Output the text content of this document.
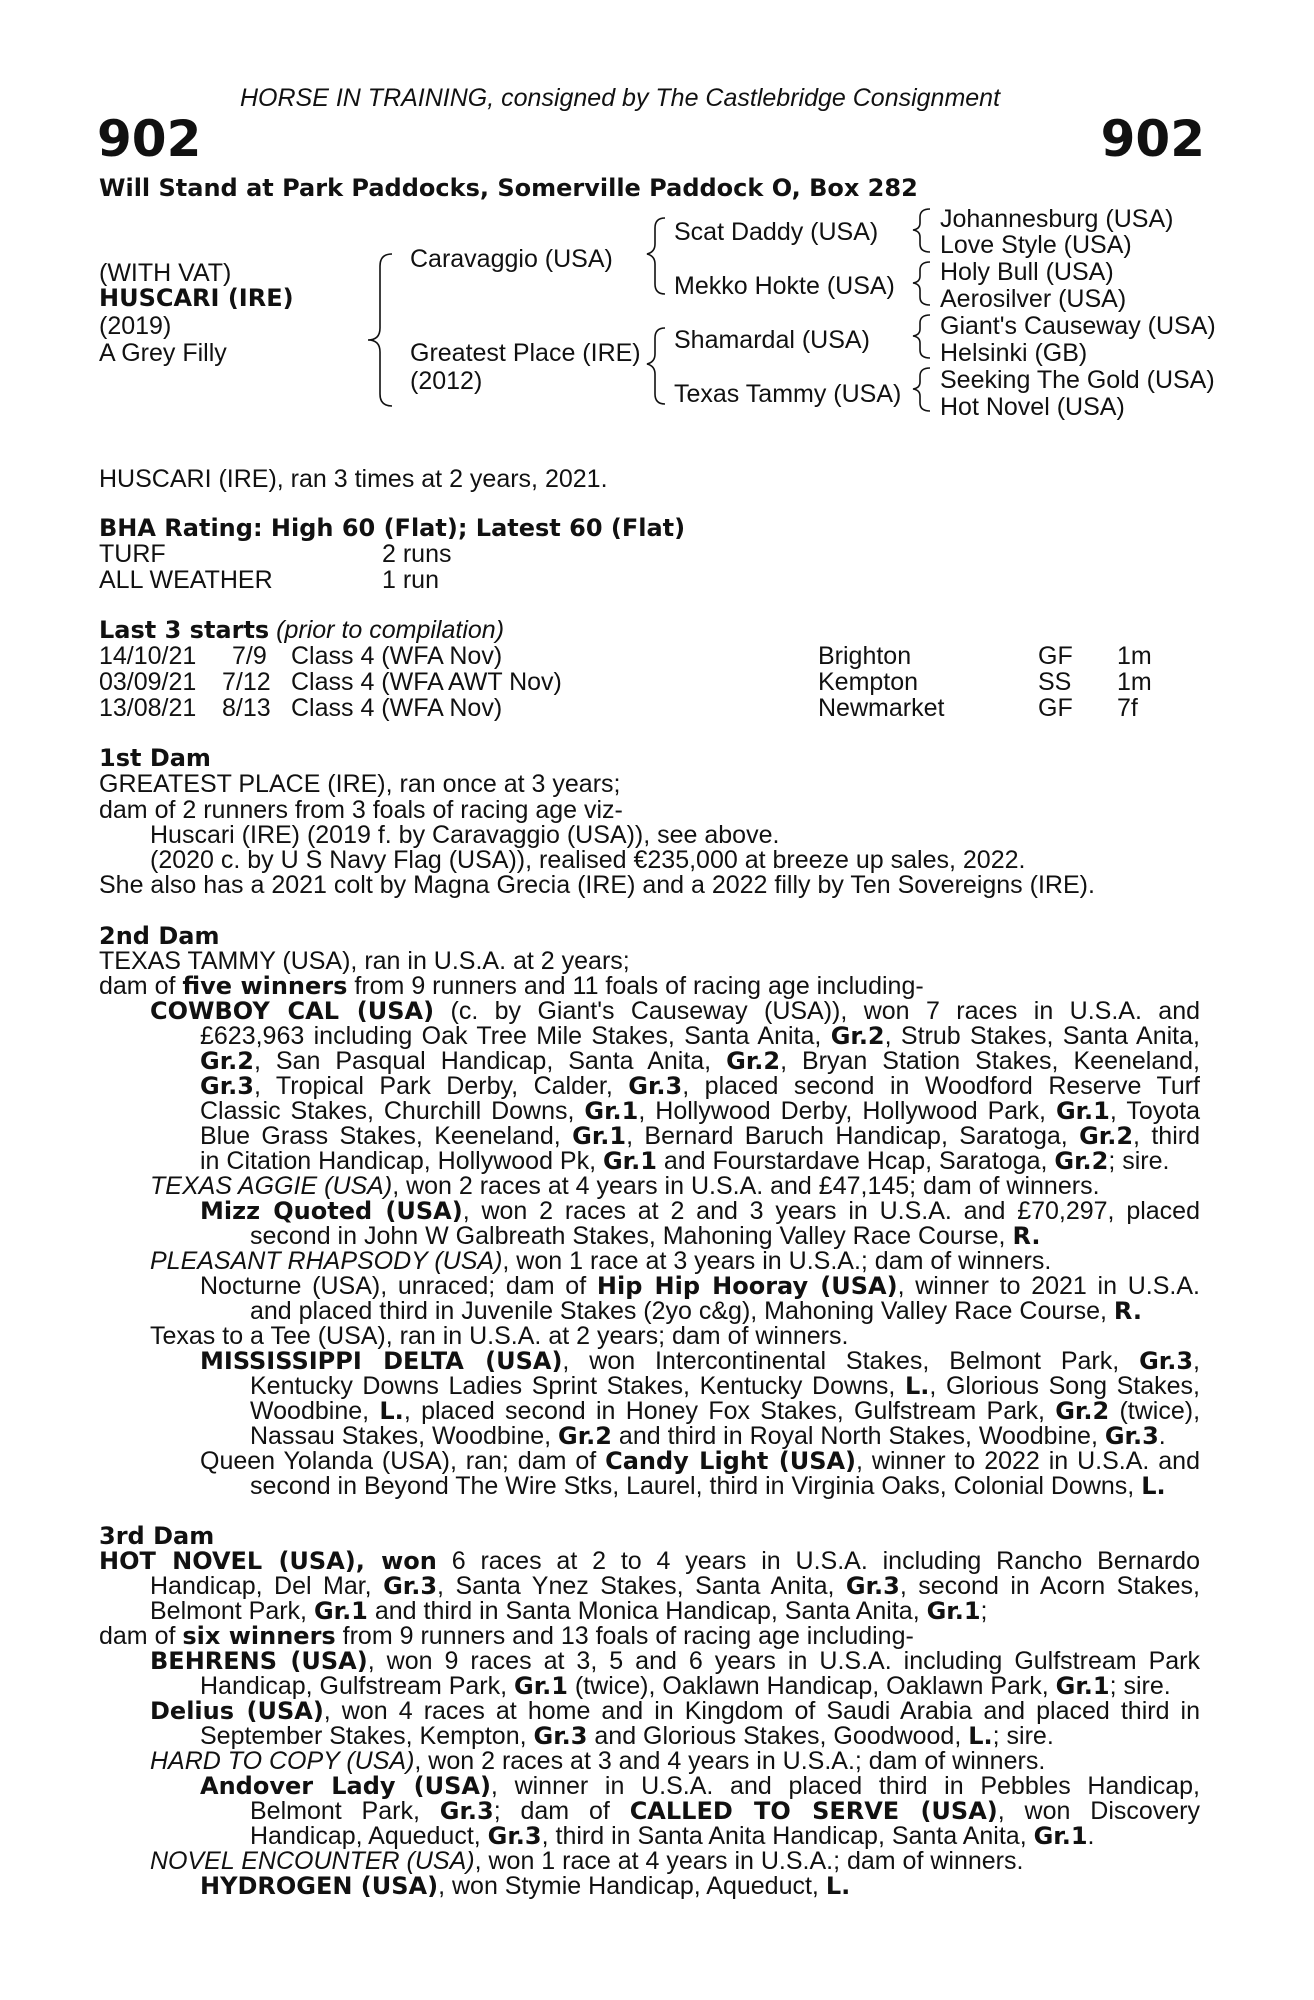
HORSE IN TRAINING, consigned by The Castlebridge Consignment
902	902
Will Stand at Park Paddocks, Somerville Paddock O, Box 282
(WITH VAT)
HUSCARI (IRE)
(2019)
A Grey Filly
Caravaggio (USA)
Greatest Place (IRE)
(2012)
Scat Daddy (USA)
Mekko Hokte (USA)
Shamardal (USA)
Texas Tammy (USA)
Johannesburg (USA)
Love Style (USA)
Holy Bull (USA)
Aerosilver (USA)
Giant's Causeway (USA)
Helsinki (GB)
Seeking The Gold (USA)
Hot Novel (USA)
HUSCARI (IRE), ran 3 times at 2 years, 2021.
BHA Rating: High 60 (Flat); Latest 60 (Flat)
TURF	2 runs
ALL WEATHER	1 run
Last 3 starts (prior to compilation)
14/10/21 7/9 Class 4 (WFA Nov)	Brighton	GF 1m
03/09/21 7/12 Class 4 (WFA AWT Nov)	Kempton	SS 1m
13/08/21 8/13 Class 4 (WFA Nov)	Newmarket	GF 7f
1st Dam
GREATEST PLACE (IRE), ran once at 3 years;
dam of 2 runners from 3 foals of racing age viz-
Huscari (IRE) (2019 f. by Caravaggio (USA)), see above.
(2020 c. by U S Navy Flag (USA)), realised €235,000 at breeze up sales, 2022.
She also has a 2021 colt by Magna Grecia (IRE) and a 2022 filly by Ten Sovereigns (IRE).
2nd Dam
TEXAS TAMMY (USA), ran in U.S.A. at 2 years;
dam of five winners from 9 runners and 11 foals of racing age including-
COWBOY CAL (USA) (c. by Giant's Causeway (USA)), won 7 races in U.S.A. and
£623,963 including Oak Tree Mile Stakes, Santa Anita, Gr.2, Strub Stakes, Santa Anita,
Gr.2, San Pasqual Handicap, Santa Anita, Gr.2, Bryan Station Stakes, Keeneland,
Gr.3, Tropical Park Derby, Calder, Gr.3, placed second in Woodford Reserve Turf
Classic Stakes, Churchill Downs, Gr.1, Hollywood Derby, Hollywood Park, Gr.1, Toyota
Blue Grass Stakes, Keeneland, Gr.1, Bernard Baruch Handicap, Saratoga, Gr.2, third
in Citation Handicap, Hollywood Pk, Gr.1 and Fourstardave Hcap, Saratoga, Gr.2; sire.
TEXAS AGGIE (USA), won 2 races at 4 years in U.S.A. and £47,145; dam of winners.
Mizz Quoted (USA), won 2 races at 2 and 3 years in U.S.A. and £70,297, placed
second in John W Galbreath Stakes, Mahoning Valley Race Course, R.
PLEASANT RHAPSODY (USA), won 1 race at 3 years in U.S.A.; dam of winners.
Nocturne (USA), unraced; dam of Hip Hip Hooray (USA), winner to 2021 in U.S.A.
and placed third in Juvenile Stakes (2yo c&g), Mahoning Valley Race Course, R.
Texas to a Tee (USA), ran in U.S.A. at 2 years; dam of winners.
MISSISSIPPI DELTA (USA), won Intercontinental Stakes, Belmont Park, Gr.3,
Kentucky Downs Ladies Sprint Stakes, Kentucky Downs, L., Glorious Song Stakes,
Woodbine, L., placed second in Honey Fox Stakes, Gulfstream Park, Gr.2 (twice),
Nassau Stakes, Woodbine, Gr.2 and third in Royal North Stakes, Woodbine, Gr.3.
Queen Yolanda (USA), ran; dam of Candy Light (USA), winner to 2022 in U.S.A. and
second in Beyond The Wire Stks, Laurel, third in Virginia Oaks, Colonial Downs, L.
3rd Dam
HOT NOVEL (USA), won 6 races at 2 to 4 years in U.S.A. including Rancho Bernardo
Handicap, Del Mar, Gr.3, Santa Ynez Stakes, Santa Anita, Gr.3, second in Acorn Stakes,
Belmont Park, Gr.1 and third in Santa Monica Handicap, Santa Anita, Gr.1;
dam of six winners from 9 runners and 13 foals of racing age including-
BEHRENS (USA), won 9 races at 3, 5 and 6 years in U.S.A. including Gulfstream Park
Handicap, Gulfstream Park, Gr.1 (twice), Oaklawn Handicap, Oaklawn Park, Gr.1; sire.
Delius (USA), won 4 races at home and in Kingdom of Saudi Arabia and placed third in
September Stakes, Kempton, Gr.3 and Glorious Stakes, Goodwood, L.; sire.
HARD TO COPY (USA), won 2 races at 3 and 4 years in U.S.A.; dam of winners.
Andover Lady (USA), winner in U.S.A. and placed third in Pebbles Handicap,
Belmont Park, Gr.3; dam of CALLED TO SERVE (USA), won Discovery
Handicap, Aqueduct, Gr.3, third in Santa Anita Handicap, Santa Anita, Gr.1.
NOVEL ENCOUNTER (USA), won 1 race at 4 years in U.S.A.; dam of winners.
HYDROGEN (USA), won Stymie Handicap, Aqueduct, L.
